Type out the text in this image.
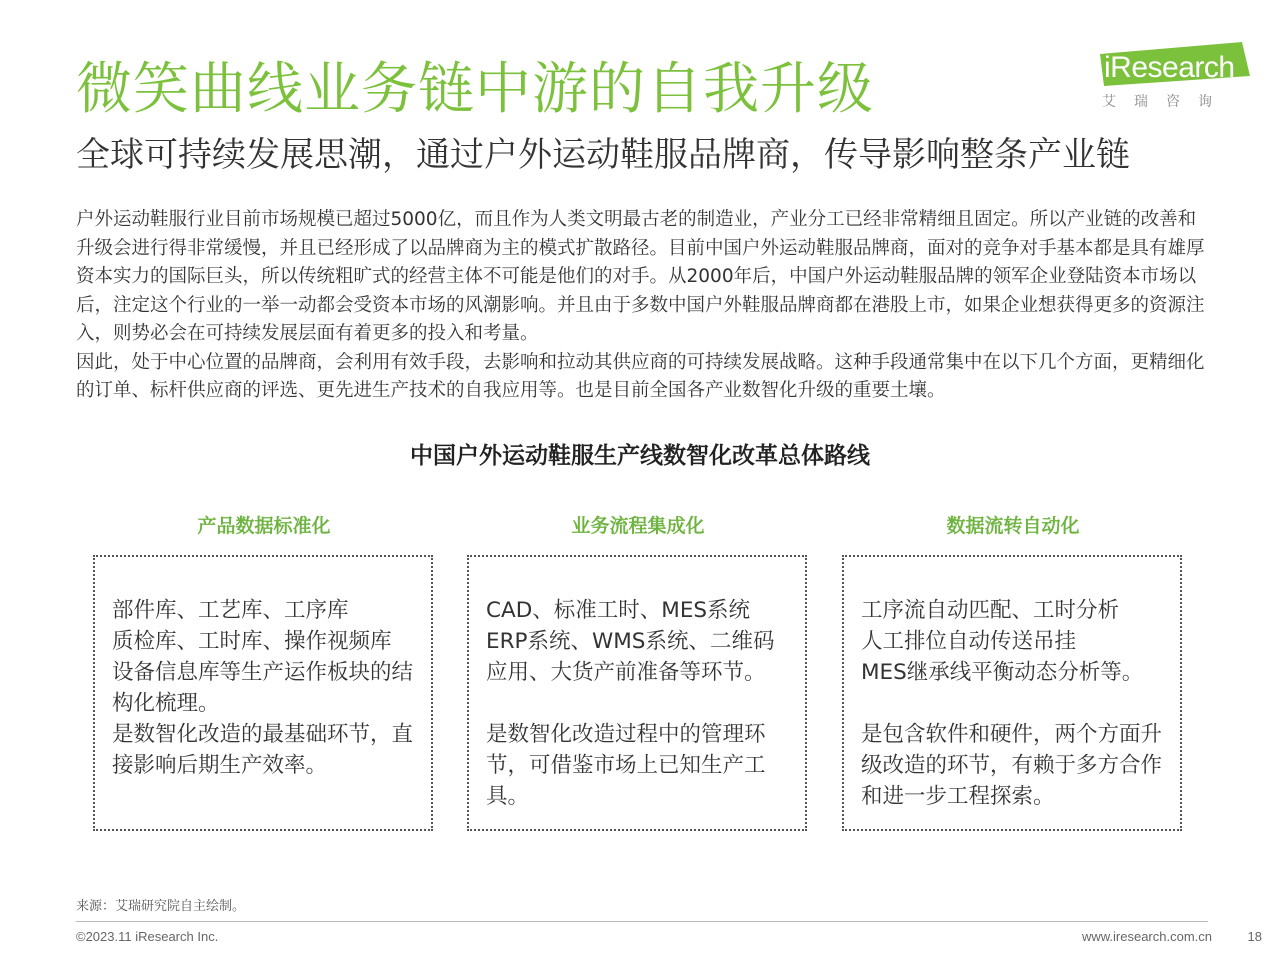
微笑曲线业务链中游的自我升级
全球可持续发展思潮，通过户外运动鞋服品牌商，传导影响整条产业链
iResearch
艾瑞咨询

户外运动鞋服行业目前市场规模已超过5000亿，而且作为人类文明最古老的制造业，产业分工已经非常精细且固定。所以产业链的改善和升级会进行得非常缓慢，并且已经形成了以品牌商为主的模式扩散路径。目前中国户外运动鞋服品牌商，面对的竞争对手基本都是具有雄厚资本实力的国际巨头，所以传统粗旷式的经营主体不可能是他们的对手。从2000年后，中国户外运动鞋服品牌的领军企业登陆资本市场以后，注定这个行业的一举一动都会受资本市场的风潮影响。并且由于多数中国户外鞋服品牌商都在港股上市，如果企业想获得更多的资源注入，则势必会在可持续发展层面有着更多的投入和考量。

因此，处于中心位置的品牌商，会利用有效手段，去影响和拉动其供应商的可持续发展战略。这种手段通常集中在以下几个方面，更精细化的订单、标杆供应商的评选、更先进生产技术的自我应用等。也是目前全国各产业数智化升级的重要土壤。

中国户外运动鞋服生产线数智化改革总体路线
产品数据标准化	业务流程集成化	数据流转自动化
部件库、工艺库、工序库
质检库、工时库、操作视频库
设备信息库等生产运作板块的结构化梳理。
是数智化改造的最基础环节，直接影响后期生产效率。
CAD、标准工时、MES系统
ERP系统、WMS系统、二维码应用、大货产前准备等环节。
是数智化改造过程中的管理环节，可借鉴市场上已知生产工具。
工序流自动匹配、工时分析
人工排位自动传送吊挂
MES继承线平衡动态分析等。
是包含软件和硬件，两个方面升级改造的环节，有赖于多方合作和进一步工程探索。
来源：艾瑞研究院自主绘制。
©2023.11 iResearch Inc.	www.iresearch.com.cn	18
